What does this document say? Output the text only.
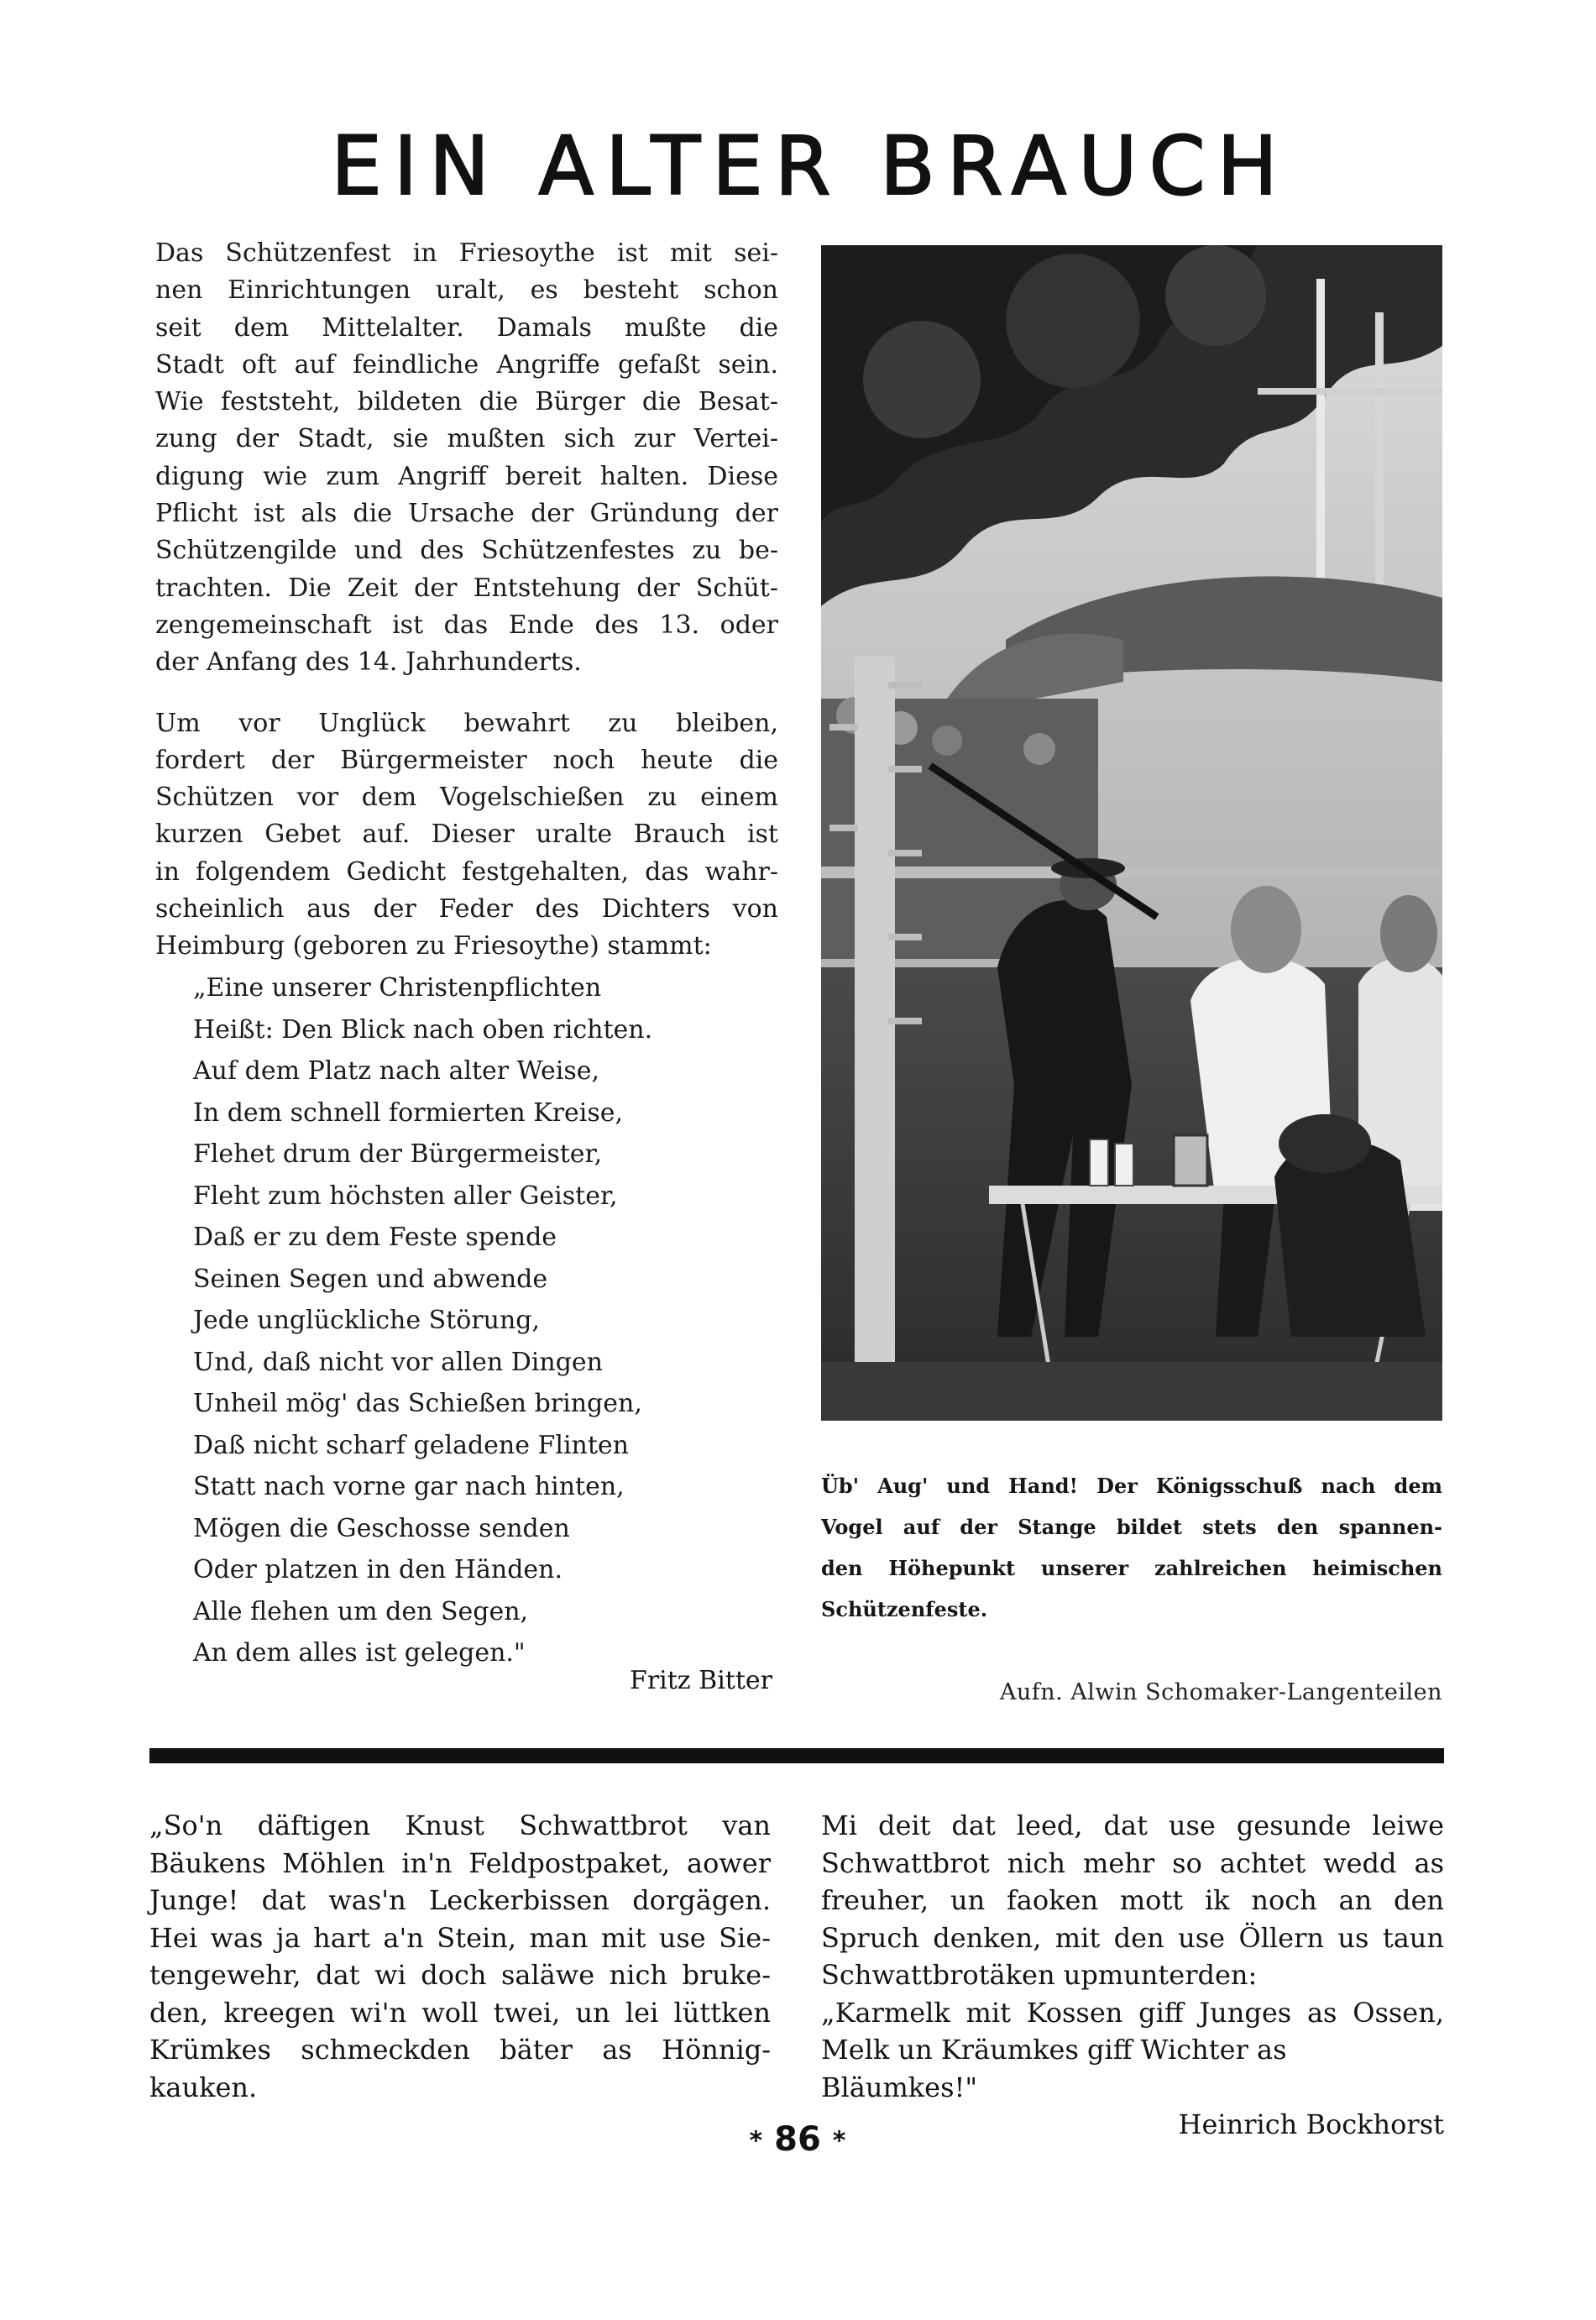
EIN ALTER BRAUCH

Das Schützenfest in Friesoythe ist mit sei-
nen Einrichtungen uralt, es besteht schon
seit dem Mittelalter. Damals mußte die
Stadt oft auf feindliche Angriffe gefaßt sein.
Wie feststeht, bildeten die Bürger die Besat-
zung der Stadt, sie mußten sich zur Vertei-
digung wie zum Angriff bereit halten. Diese
Pflicht ist als die Ursache der Gründung der
Schützengilde und des Schützenfestes zu be-
trachten. Die Zeit der Entstehung der Schüt-
zengemeinschaft ist das Ende des 13. oder
der Anfang des 14. Jahrhunderts.

Um vor Unglück bewahrt zu bleiben,
fordert der Bürgermeister noch heute die
Schützen vor dem Vogelschießen zu einem
kurzen Gebet auf. Dieser uralte Brauch ist
in folgendem Gedicht festgehalten, das wahr-
scheinlich aus der Feder des Dichters von
Heimburg (geboren zu Friesoythe) stammt:

„Eine unserer Christenpflichten
Heißt: Den Blick nach oben richten.
Auf dem Platz nach alter Weise,
In dem schnell formierten Kreise,
Flehet drum der Bürgermeister,
Fleht zum höchsten aller Geister,
Daß er zu dem Feste spende
Seinen Segen und abwende
Jede unglückliche Störung,
Und, daß nicht vor allen Dingen
Unheil mög' das Schießen bringen,
Daß nicht scharf geladene Flinten
Statt nach vorne gar nach hinten,
Mögen die Geschosse senden
Oder platzen in den Händen.
Alle flehen um den Segen,
An dem alles ist gelegen."
Fritz Bitter
Üb' Aug' und Hand! Der Königsschuß nach dem
Vogel auf der Stange bildet stets den spannen-
den Höhepunkt unserer zahlreichen heimischen
Schützenfeste.
Aufn. Alwin Schomaker-Langenteilen
„So'n däftigen Knust Schwattbrot van
Bäukens Möhlen in'n Feldpostpaket, aower
Junge! dat was'n Leckerbissen dorgägen.
Hei was ja hart a'n Stein, man mit use Sie-
tengewehr, dat wi doch saläwe nich bruke-
den, kreegen wi'n woll twei, un lei lüttken
Krümkes schmeckden bäter as Hönnig-
kauken.
Mi deit dat leed, dat use gesunde leiwe
Schwattbrot nich mehr so achtet wedd as
freuher, un faoken mott ik noch an den
Spruch denken, mit den use Öllern us taun
Schwattbrotäken upmunterden:
„Karmelk mit Kossen giff Junges as Ossen,
Melk un Kräumkes giff Wichter as Bläumkes!"
Heinrich Bockhorst
* 86 *
